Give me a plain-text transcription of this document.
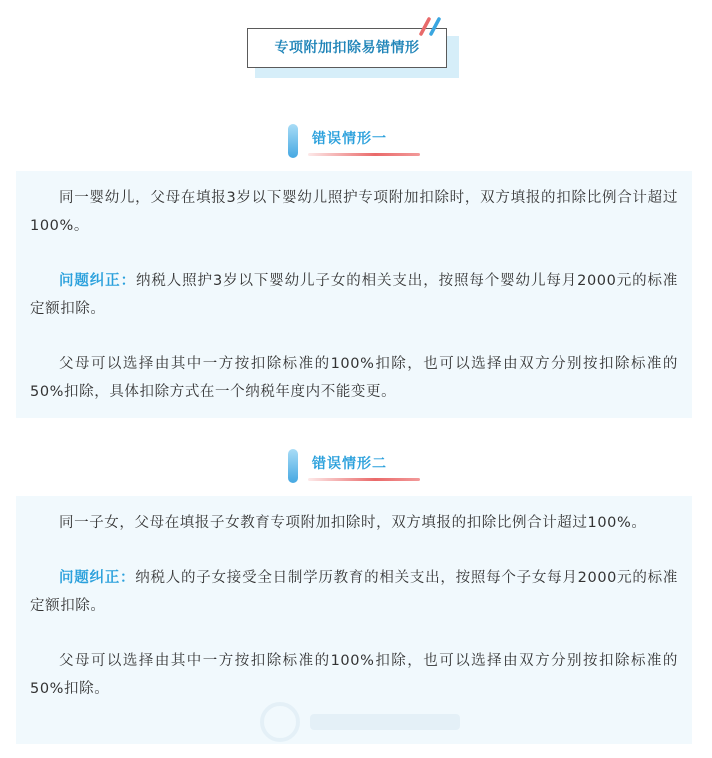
专项附加扣除易错情形
错误情形一

同一婴幼儿，父母在填报3岁以下婴幼儿照护专项附加扣除时，双方填报的扣除比例合计超过100%。

问题纠正：纳税人照护3岁以下婴幼儿子女的相关支出，按照每个婴幼儿每月2000元的标准定额扣除。

父母可以选择由其中一方按扣除标准的100%扣除，也可以选择由双方分别按扣除标准的50%扣除，具体扣除方式在一个纳税年度内不能变更。

错误情形二

同一子女，父母在填报子女教育专项附加扣除时，双方填报的扣除比例合计超过100%。

问题纠正：纳税人的子女接受全日制学历教育的相关支出，按照每个子女每月2000元的标准定额扣除。

父母可以选择由其中一方按扣除标准的100%扣除，也可以选择由双方分别按扣除标准的50%扣除。
